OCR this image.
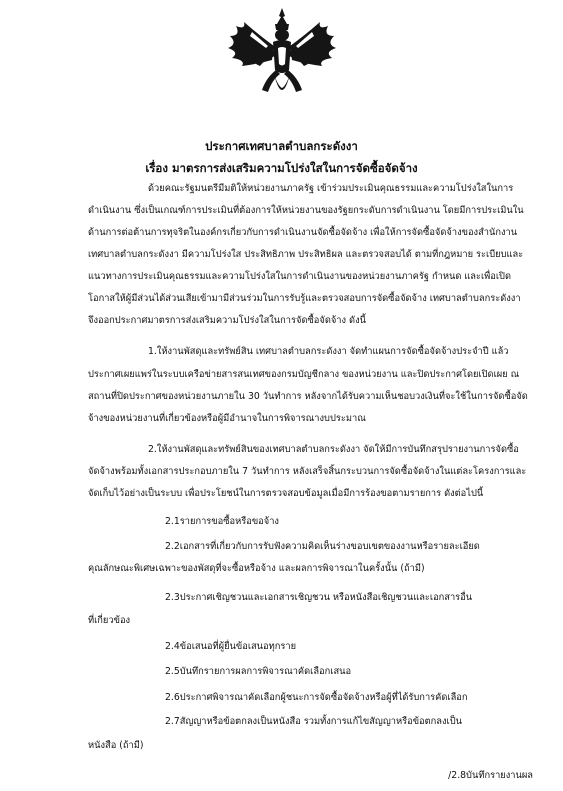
ประกาศเทศบาลตำบลกระดังงา
เรื่อง มาตรการส่งเสริมความโปร่งใสในการจัดซื้อจัดจ้าง
ด้วยคณะรัฐมนตรีมีมติให้หน่วยงานภาครัฐ เข้าร่วมประเมินคุณธรรมและความโปร่งใสในการ
ดำเนินงาน ซึ่งเป็นเกณฑ์การประเมินที่ต้องการให้หน่วยงานของรัฐยกระดับการดำเนินงาน โดยมีการประเมินใน
ด้านการต่อต้านการทุจริตในองค์กรเกี่ยวกับการดำเนินงานจัดซื้อจัดจ้าง เพื่อให้การจัดซื้อจัดจ้างของสำนักงาน
เทศบาลตำบลกระดังงา มีความโปร่งใส ประสิทธิภาพ ประสิทธิผล และตรวจสอบได้ ตามที่กฎหมาย ระเบียบและ
แนวทางการประเมินคุณธรรมและความโปร่งใสในการดำเนินงานของหน่วยงานภาครัฐ กำหนด และเพื่อเปิด
โอกาสให้ผู้มีส่วนได้ส่วนเสียเข้ามามีส่วนร่วมในการรับรู้และตรวจสอบการจัดซื้อจัดจ้าง เทศบาลตำบลกระดังงา
จึงออกประกาศมาตรการส่งเสริมความโปร่งใสในการจัดซื้อจัดจ้าง ดังนี้
1.ให้งานพัสดุและทรัพย์สิน เทศบาลตำบลกระดังงา จัดทำแผนการจัดซื้อจัดจ้างประจำปี แล้ว
ประกาศเผยแพร่ในระบบเครือข่ายสารสนเทศของกรมบัญชีกลาง ของหน่วยงาน และปิดประกาศโดยเปิดเผย ณ
สถานที่ปิดประกาศของหน่วยงานภายใน 30 วันทำการ หลังจากได้รับความเห็นชอบวงเงินที่จะใช้ในการจัดซื้อจัด
จ้างของหน่วยงานที่เกี่ยวข้องหรือผู้มีอำนาจในการพิจารณางบประมาณ
2.ให้งานพัสดุและทรัพย์สินของเทศบาลตำบลกระดังงา จัดให้มีการบันทึกสรุปรายงานการจัดซื้อ
จัดจ้างพร้อมทั้งเอกสารประกอบภายใน 7 วันทำการ หลังเสร็จสิ้นกระบวนการจัดซื้อจัดจ้างในแต่ละโครงการและ
จัดเก็บไว้อย่างเป็นระบบ เพื่อประโยชน์ในการตรวจสอบข้อมูลเมื่อมีการร้องขอตามรายการ ดังต่อไปนี้
2.1รายการขอซื้อหรือขอจ้าง
2.2เอกสารที่เกี่ยวกับการรับฟังความคิดเห็นร่างขอบเขตของงานหรือรายละเอียด
คุณลักษณะพิเศษเฉพาะของพัสดุที่จะซื้อหรือจ้าง และผลการพิจารณาในครั้งนั้น (ถ้ามี)
2.3ประกาศเชิญชวนและเอกสารเชิญชวน หรือหนังสือเชิญชวนและเอกสารอื่น
ที่เกี่ยวข้อง
2.4ข้อเสนอที่ผู้ยื่นข้อเสนอทุกราย
2.5บันทึกรายการผลการพิจารณาคัดเลือกเสนอ
2.6ประกาศพิจารณาคัดเลือกผู้ชนะการจัดซื้อจัดจ้างหรือผู้ที่ได้รับการคัดเลือก
2.7สัญญาหรือข้อตกลงเป็นหนังสือ รวมทั้งการแก้ไขสัญญาหรือข้อตกลงเป็น
หนังสือ (ถ้ามี)
/2.8บันทึกรายงานผล
